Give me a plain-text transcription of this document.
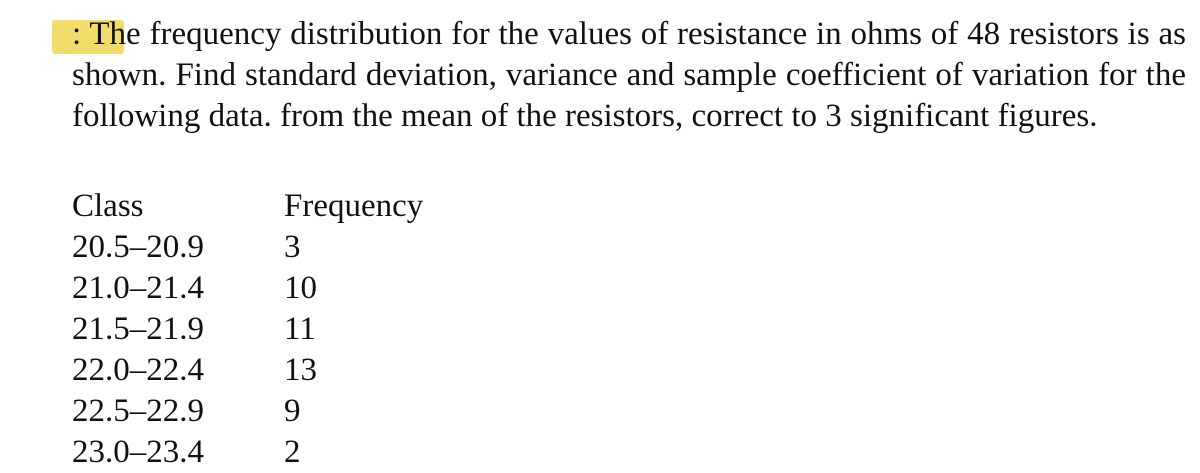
: The frequency distribution for the values of resistance in ohms of 48 resistors is as shown. Find standard deviation, variance and sample coefficient of variation for the following data. from the mean of the resistors, correct to 3 significant figures.

Class	Frequency
20.5–20.9	3
21.0–21.4	10
21.5–21.9	11
22.0–22.4	13
22.5–22.9	9
23.0–23.4	2
